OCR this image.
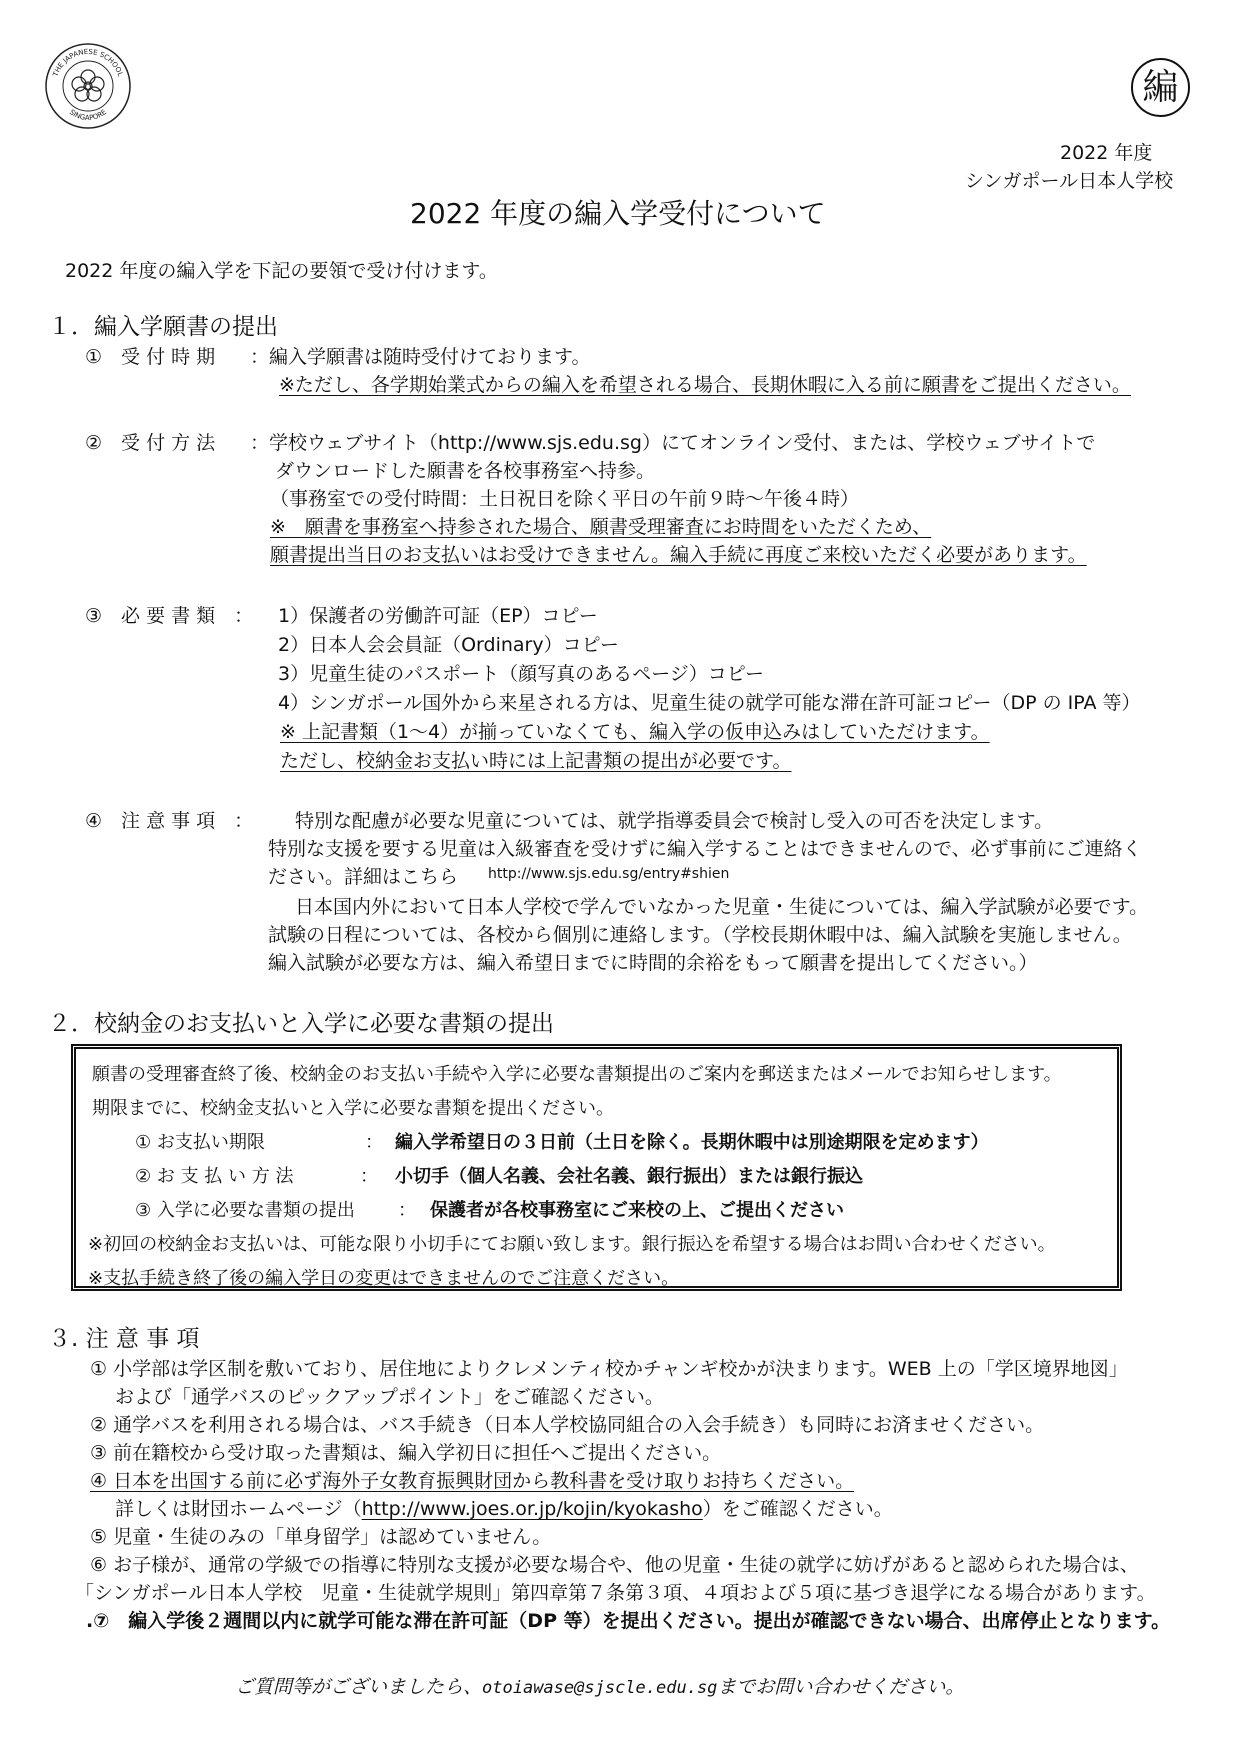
THE JAPANESE SCHOOL
SINGAPORE
編
2022 年度
シンガポール日本人学校
2022 年度の編入学受付について
2022 年度の編入学を下記の要領で受け付けます。
１．編入学願書の提出
①　受 付 時 期 ：編入学願書は随時受付けております。
※ただし、各学期始業式からの編入を希望される場合、長期休暇に入る前に願書をご提出ください。
②　受 付 方 法 ：学校ウェブサイト（http://www.sjs.edu.sg）にてオンライン受付、または、学校ウェブサイトで
ダウンロードした願書を各校事務室へ持参。
（事務室での受付時間：土日祝日を除く平日の午前９時～午後４時）
※　願書を事務室へ持参された場合、願書受理審査にお時間をいただくため、
願書提出当日のお支払いはお受けできません。編入手続に再度ご来校いただく必要があります。
③　必 要 書 類　： 1）保護者の労働許可証（EP）コピー
2）日本人会会員証（Ordinary）コピー
3）児童生徒のパスポート（顔写真のあるページ）コピー
4）シンガポール国外から来星される方は、児童生徒の就学可能な滞在許可証コピー（DP の IPA 等）
※ 上記書類（1～4）が揃っていなくても、編入学の仮申込みはしていただけます。
ただし、校納金お支払い時には上記書類の提出が必要です。
④　注 意 事 項　： 特別な配慮が必要な児童については、就学指導委員会で検討し受入の可否を決定します。
特別な支援を要する児童は入級審査を受けずに編入学することはできませんので、必ず事前にご連絡く
ださい。詳細はこちら http://www.sjs.edu.sg/entry#shien
日本国内外において日本人学校で学んでいなかった児童・生徒については、編入学試験が必要です。
試験の日程については、各校から個別に連絡します。（学校長期休暇中は、編入試験を実施しません。
編入試験が必要な方は、編入希望日までに時間的余裕をもって願書を提出してください。）
２．校納金のお支払いと入学に必要な書類の提出
願書の受理審査終了後、校納金のお支払い手続や入学に必要な書類提出のご案内を郵送またはメールでお知らせします。
期限までに、校納金支払いと入学に必要な書類を提出ください。
① お支払い期限	： 編入学希望日の３日前（土日を除く。長期休暇中は別途期限を定めます）
② お 支 払 い 方 法	： 小切手（個人名義、会社名義、銀行振出）または銀行振込
③ 入学に必要な書類の提出 ： 保護者が各校事務室にご来校の上、ご提出ください
※初回の校納金お支払いは、可能な限り小切手にてお願い致します。銀行振込を希望する場合はお問い合わせください。
※支払手続き終了後の編入学日の変更はできませんのでご注意ください。
３. 注 意 事 項
① 小学部は学区制を敷いており、居住地によりクレメンティ校かチャンギ校かが決まります。WEB 上の「学区境界地図」
および「通学バスのピックアップポイント」をご確認ください。
② 通学バスを利用される場合は、バス手続き（日本人学校協同組合の入会手続き）も同時にお済ませください。
③ 前在籍校から受け取った書類は、編入学初日に担任へご提出ください。
④ 日本を出国する前に必ず海外子女教育振興財団から教科書を受け取りお持ちください。
詳しくは財団ホームページ（http://www.joes.or.jp/kojin/kyokasho）をご確認ください。
⑤ 児童・生徒のみの「単身留学」は認めていません。
⑥ お子様が、通常の学級での指導に特別な支援が必要な場合や、他の児童・生徒の就学に妨げがあると認められた場合は、
「シンガポール日本人学校　児童・生徒就学規則」第四章第７条第３項、４項および５項に基づき退学になる場合があります。
.⑦　編入学後２週間以内に就学可能な滞在許可証（DP 等）を提出ください。提出が確認できない場合、出席停止となります。
ご質問等がございましたら、otoiawase@sjscle.edu.sgまでお問い合わせください。
